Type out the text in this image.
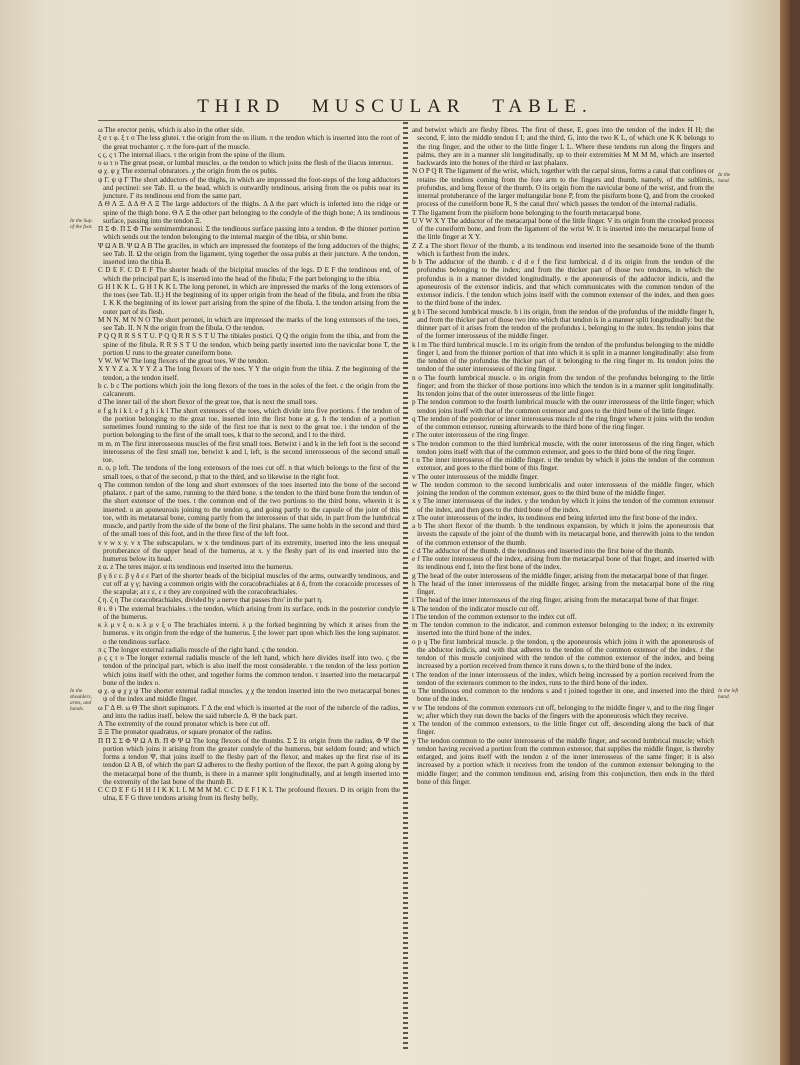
THIRD MUSCULAR TABLE.

ω The erector penis, which is also in the other side.

ξ σ τ φ. ξ τ σ The less glutei. τ the origin from the os ilium. π the tendon which is inserted into the root of the great trochanter ç. π the fore-part of the muscle.

ϛ ς. ς τ The internal iliacs. τ the origin from the spine of the ilium.

υ ω τ υ The great psoæ, or lumbal muscles. ω the tendon to which joins the flesh of the iliacus internus.

φ χ. φ χ The external obturators. χ the origin from the os pubis.

ψ Γ. ψ ψ Γ The short adductors of the thighs, in which are impressed the foot-steps of the long adductors and pectinei: see Tab. II. ω the head, which is outwardly tendinous, arising from the os pubis near its juncture. Γ its tendinous end from the same part.

Δ Θ Λ Ξ. Δ Δ Θ Λ Ξ The large adductors of the thighs. Δ Δ the part which is inferted into the ridge or spine of the thigh bone. Θ Λ Ξ the other part belonging to the condyle of the thigh bone; Λ its tendinous surface, passing into the tendon Ξ.

Π Σ Φ. Π Σ Φ The semimembranosi. Σ the tendinous surface passing into a tendon. Φ the thinner portion which sends out the tendon belonging to the internal margin of the tibia, or shin bone.

Ψ Ω Α Β. Ψ Ω Α Β The graciles, in which are impressed the footsteps of the long adductors of the thighs; see Tab. II. Ω the origin from the ligament, tying together the ossa pubis at their juncture. Α the tendon, inserted into the tibia B.

C D E F. C D E F The shorter heads of the bicipital muscles of the legs. D E F the tendinous end, of which the principal part E, is inserted into the head of the fibula; F the part belonging to the tibia.

G H I K K L. G H I K K L The long peronei, in which are impressed the marks of the long extensors of the toes (see Tab. II.) H the beginning of its upper origin from the head of the fibula, and from the tibia I. K K the beginning of its lower part arising from the spine of the fibula. L the tendon arising from the outer part of its flesh.

M N N. M N N O The short peronei, in which are impressed the marks of the long extensors of the toes, see Tab. II. N N the origin from the fibula. O the tendon.

P Q Q R R S S T U. P Q Q R R S S T U The tibiales postici. Q Q the origin from the tibia, and from the spine of the fibula. R R S S T U the tendon, which being partly inserted into the navicular bone T, the portion U runs to the greater cuneiform bone.

V W. W W The long flexors of the great toes. W the tendon.

X Y Y Z a. X Y Y Z a The long flexors of the toes. Y Y the origin from the tibia. Z the beginning of the tendon, a the tendon itself.

b c. b c The portions which join the long flexors of the toes in the soles of the feet. c the origin from the calcaneum.

d The inner tail of the short flexor of the great toe, that is next the small toes.

e f g h i k l. e f g h i k l The short extensors of the toes, which divide into five portions. f the tendon of the portion belonging to the great toe, inserted into the first bone at g. h the tendon of a portion sometimes found running to the side of the first toe that is next to the great toe. i the tendon of the portion belonging to the first of the small toes, k that to the second, and l to the third.

m m. m The first interosseous muscles of the first small toes. Betwixt i and k in the left foot is the second interosseus of the first small toe, betwixt k and l, left, is the second interosseous of the second small toe.

n. o, p left. The tendons of the long extensors of the toes cut off. n that which belongs to the first of the small toes, o that of the second, p that to the third, and so likewise in the right foot.

q The common tendon of the long and short extensors of the toes inserted into the bone of the second phalanx. r part of the same, running to the third bone. s the tendon to the third bone from the tendon of the short extensor of the toes. t the common end of the two portions to the third bone, wherein it is inserted. u an aponeurosis joining to the tendon q, and going partly to the capsule of the joint of this toe, with its metatarsal bone, coming partly from the interosseus of that side, in part from the lumbrical muscle, and partly from the side of the bone of the first phalanx. The same holds in the second and third of the small toes of this foot, and in the three first of the left foot.

v v w x y. v x The subscapulars. w x the tendinous part of its extremity, inserted into the less unequal protuberance of the upper head of the humerus, at x. y the fleshy part of its end inserted into the humerus below its head.

z α. z The teres major. α its tendinous end inserted into the humerus.

β γ δ ε ε. β γ δ ε ε Part of the shorter heads of the bicipital muscles of the arms, outwardly tendinous, and cut off at γ γ; having a common origin with the coracobrachiales at δ δ, from the coracoide processes of the scapulæ; at ε ε, ε ε they are conjoined with the coracobrachiales.

ζ η. ζ η The coracobrachiales, divided by a nerve that passes thro' in the part η.

θ ι. θ ι The external brachiales. ι the tendon, which arising from its surface, ends in the posterior condyle of the humerus.

κ λ μ ν ξ ο. κ λ μ ν ξ ο The brachiales interni. λ μ the forked beginning by which it arises from the humerus. ν its origin from the edge of the humerus. ξ the lower part upon which lies the long supinator. ο the tendinous surface.

π ϛ The longer external radialis muscle of the right hand. ϛ the tendon.

ρ ς ς τ υ The longer external radialis muscle of the left hand, which here divides itself into two. ς the tendon of the principal part, which is also itself the most considerable. τ the tendon of the less portion which joins itself with the other, and together forms the common tendon. τ inserted into the metacarpal bone of the index υ.

φ χ. φ φ χ χ ψ The shorter external radial muscles. χ χ the tendon inserted into the two metacarpal bones ψ of the index and middle finger.

ω Γ Δ Θ. ω Θ The short supinators. Γ Δ the end which is inserted at the root of the tubercle of the radius, and into the radius itself, below the said tubercle Δ. Θ the back part.

Λ The extremity of the round pronator which is here cut off.

Ξ Ξ The pronator quadratus, or square pronator of the radius.

Π Π Σ Σ Φ Ψ Ω Α Β. Π Φ Ψ Ω The long flexors of the thumbs. Σ Σ its origin from the radius, Φ Ψ the portion which joins it arising from the greater condyle of the humerus, but seldom found; and which forms a tendon Ψ, that joins itself to the fleshy part of the flexor, and makes up the first rise of its tendon Ω Α Β, of which the part Ω adheres to the fleshy portion of the flexor, the part Α going along by the metacarpal bone of the thumb, is there in a manner split longitudinally, and at length inserted into the extremity of the last bone of the thumb B.

C C D E F G H H I I K K L L M M M M. C C D E F I K L The profound flexors. D its origin from the ulna, E F G three tendons arising from its fleshy belly,

and betwixt which are fleshy fibres. The first of these, E, goes into the tendon of the index H H; the second, F, into the middle tendon I I; and the third, G, into the two K L, of which one K K belongs to the ring finger, and the other to the little finger L L. Where these tendons run along the fingers and palms, they are in a manner slit longitudinally, up to their extremities M M M M, which are inserted backwards into the bones of the third or last phalanx.

N O P Q R The ligament of the wrist, which, together with the carpal sinus, forms a canal that confines or retains the tendons coming from the fore arm to the fingers and thumb, namely, of the sublimis, profundus, and long flexor of the thumb. O its origin from the navicular bone of the wrist, and from the internal protuberance of the larger multangular bone P, from the pisiform bone Q, and from the crooked process of the cuneiform bone R, S the canal thro' which passes the tendon of the internal radialis.

T The ligament from the pisiform bone belonging to the fourth metacarpal bone.

U V W X Y The adductor of the metacarpal bone of the little finger. V its origin from the crooked process of the cuneiform bone, and from the ligament of the wrist W. It is inserted into the metacarpal bone of the little finger at X Y.

Z Z a The short flexor of the thumb, a its tendinous end inserted into the sesamoide bone of the thumb which is farthest from the index.

b b The adductor of the thumb. c d d e f the first lumbrical. d d its origin from the tendon of the profundus belonging to the index; and from the thicker part of those two tendons, in which the profundus is in a manner divided longitudinally. e the aponeurosis of the adductor indicis, and the aponeurosis of the extensor indicis, and that which communicates with the common tendon of the extensor indicis. f the tendon which joins itself with the common extensor of the index, and then goes to the third bone of the index.

g h i The second lumbrical muscle. h i its origin, from the tendon of the profundus of the middle finger h, and from the thicker part of those two into which that tendon is in a manner split longitudinally: but the thinner part of it arises from the tendon of the profundus i, belonging to the index. Its tendon joins that of the former interosseus of the middle finger.

k l m The third lumbrical muscle. l m its origin from the tendon of the profundus belonging to the middle finger l, and from the thinner portion of that into which it is split in a manner longitudinally: also from the tendon of the profundus the thicker part of it belonging to the ring finger m. Its tendon joins the tendon of the outer interosseus of the ring finger.

n o The fourth lumbrical muscle. o its origin from the tendon of the profundus belonging to the little finger; and from the thicker of those portions into which the tendon is in a manner split longitudinally. Its tendon joins that of the outer interosseus of the little finger.

p The tendon common to the fourth lumbrical muscle with the outer interosseus of the little finger; which tendon joins itself with that of the common extensor and goes to the third bone of the little finger.

q The tendon of the posterior or inner interosseus muscle of the ring finger where it joins with the tendon of the common extensor, running afterwards to the third bone of the ring finger.

r The outer interosseus of the ring finger.

s The tendon common to the third lumbrical muscle, with the outer interosseus of the ring finger, which tendon joins itself with that of the common extensor, and goes to the third bone of the ring finger.

t u The inner interosseus of the middle finger. u the tendon by which it joins the tendon of the common extensor, and goes to the third bone of this finger.

v The outer interosseus of the middle finger.

w The tendon common to the second lumbricalis and outer interosseus of the middle finger, which joining the tendon of the common extensor, goes to the third bone of the middle finger.

x y The inner interosseus of the index. y the tendon by which it joins the tendon of the common extensor of the index, and then goes to the third bone of the index.

z The outer interosseus of the index, its tendinous end being inferted into the first bone of the index.

a b The short flexor of the thumb. b the tendinous expansion, by which it joins the aponeurosis that invests the capsule of the joint of the thumb with its metacarpal bone, and therewith joins to the tendon of the common extensor of the thumb.

c d The adductor of the thumb. d the tendinous end inserted into the first bone of the thumb.

e f The outer interosseus of the index, arising from the metacarpal bone of that finger, and inserted with its tendinous end f, into the first bone of the index.

g The head of the outer interosseus of the middle finger, arising from the metacarpal bone of that finger.

h The head of the inner interosseus of the middle finger, arising from the metacarpal bone of the ring finger.

i The head of the inner interosseus of the ring finger, arising from the metacarpal bone of that finger.

k The tendon of the indicator muscle cut off.

l The tendon of the common extensor to the index cut off.

m The tendon common to the indicator, and common extensor belonging to the index; n its extremity inserted into the third bone of the index.

o p q The first lumbrical muscle. p the tendon, q the aponeurosis which joins it with the aponeurosis of the abductor indicis, and with that adheres to the tendon of the common extensor of the index. r the tendon of this muscle conjoined with the tendon of the common extensor of the index, and being increased by a portion received from thence it runs down s, to the third bone of the index.

t The tendon of the inner interosseus of the index, which being increased by a portion received from the tendon of the extensors common to the index, runs to the third bone of the index.

u The tendinous end common to the tendons s and t joined together in one, and inserted into the third bone of the index.

v w The tendons of the common extensors cut off, belonging to the middle finger v, and to the ring finger w; after which they run down the backs of the fingers with the aponeurosis which they receive.

x The tendon of the common extensors, to the little finger cut off, descending along the back of that finger.

y The tendon common to the outer interosseus of the middle finger, and second lumbrical muscle; which tendon having received a portion from the common extensor, that supplies the middle finger, is thereby enlarged, and joins itself with the tendon z of the inner interosseus of the same finger; it is also increased by a portion which it receives from the tendon of the common extensor belonging to the middle finger; and the common tendinous end, arising from this conjunction, then ends in the third bone of this finger.

In the Sup. of the foot.
In the shoulders, arms, and hands.
In the hand.
In the left hand.
